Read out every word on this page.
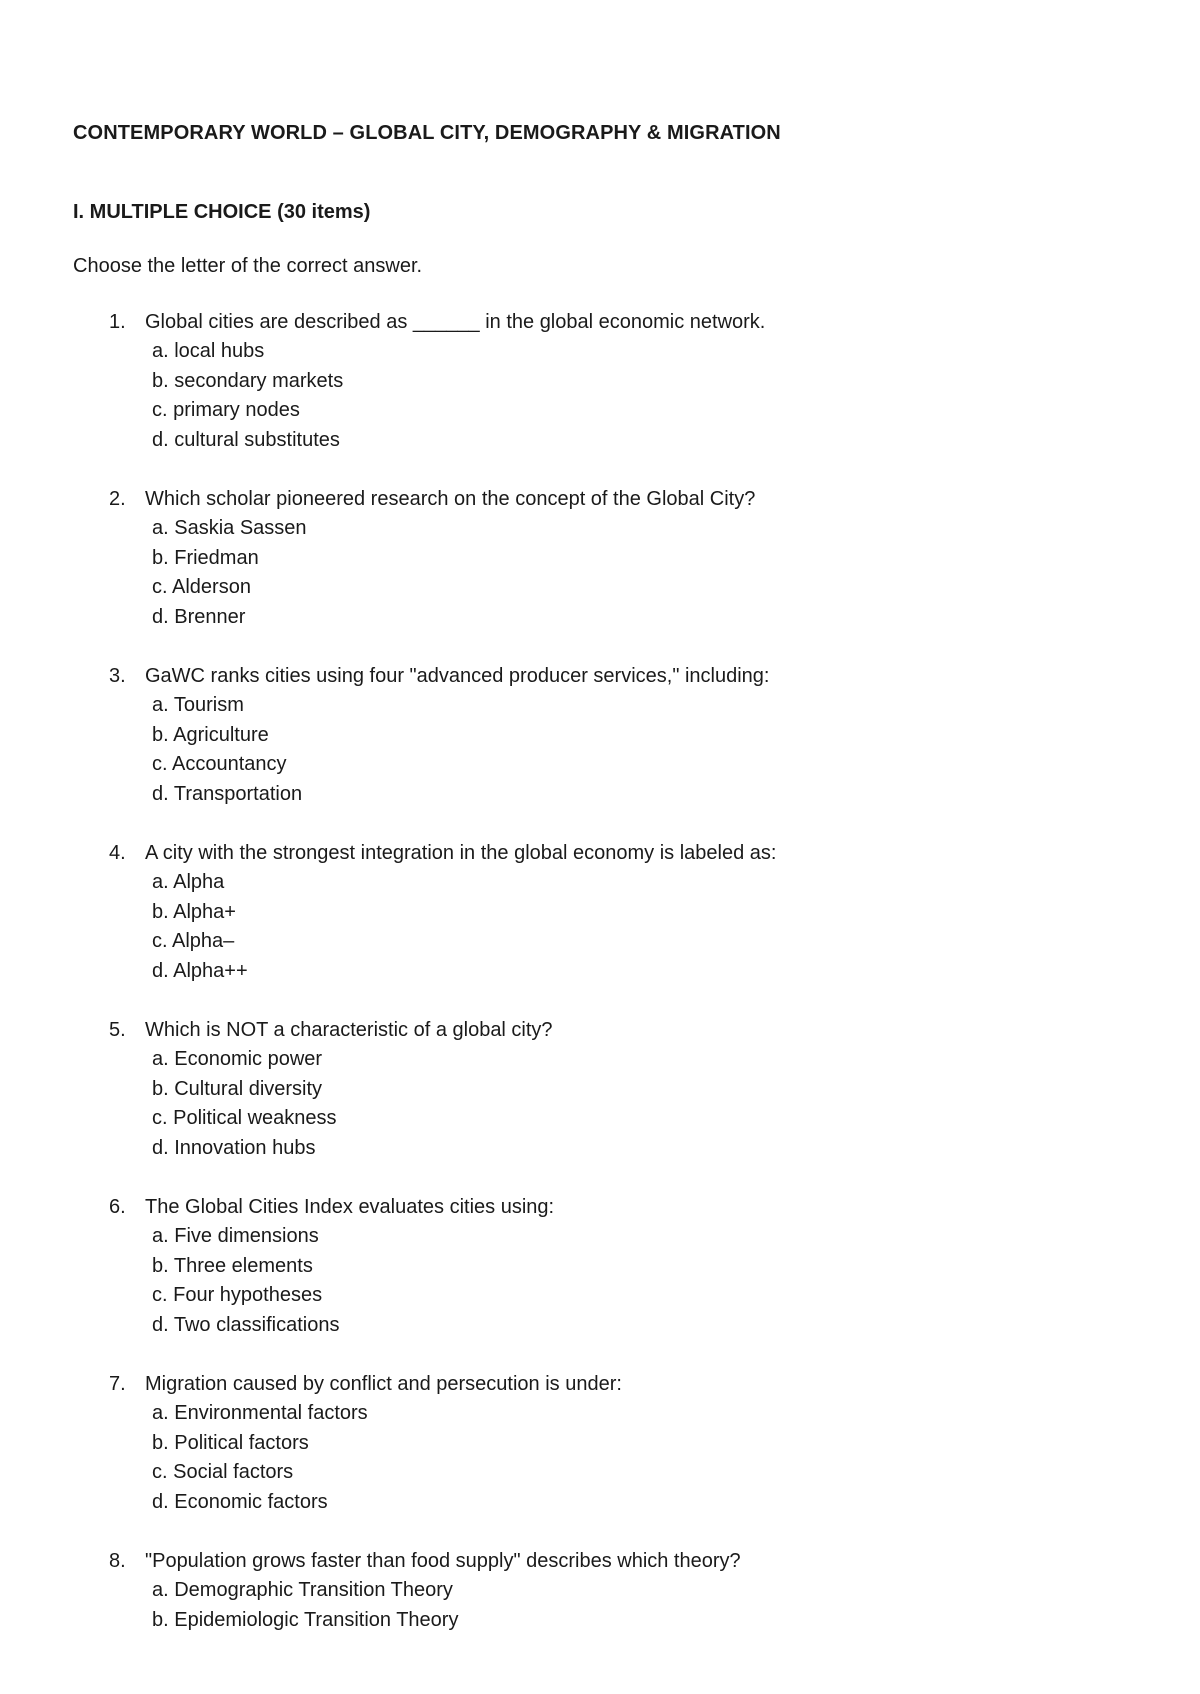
CONTEMPORARY WORLD – GLOBAL CITY, DEMOGRAPHY & MIGRATION
I. MULTIPLE CHOICE (30 items)
Choose the letter of the correct answer.
1. Global cities are described as ______ in the global economic network.
a. local hubs
b. secondary markets
c. primary nodes
d. cultural substitutes
2. Which scholar pioneered research on the concept of the Global City?
a. Saskia Sassen
b. Friedman
c. Alderson
d. Brenner
3. GaWC ranks cities using four "advanced producer services," including:
a. Tourism
b. Agriculture
c. Accountancy
d. Transportation
4. A city with the strongest integration in the global economy is labeled as:
a. Alpha
b. Alpha+
c. Alpha–
d. Alpha++
5. Which is NOT a characteristic of a global city?
a. Economic power
b. Cultural diversity
c. Political weakness
d. Innovation hubs
6. The Global Cities Index evaluates cities using:
a. Five dimensions
b. Three elements
c. Four hypotheses
d. Two classifications
7. Migration caused by conflict and persecution is under:
a. Environmental factors
b. Political factors
c. Social factors
d. Economic factors
8. "Population grows faster than food supply" describes which theory?
a. Demographic Transition Theory
b. Epidemiologic Transition Theory
